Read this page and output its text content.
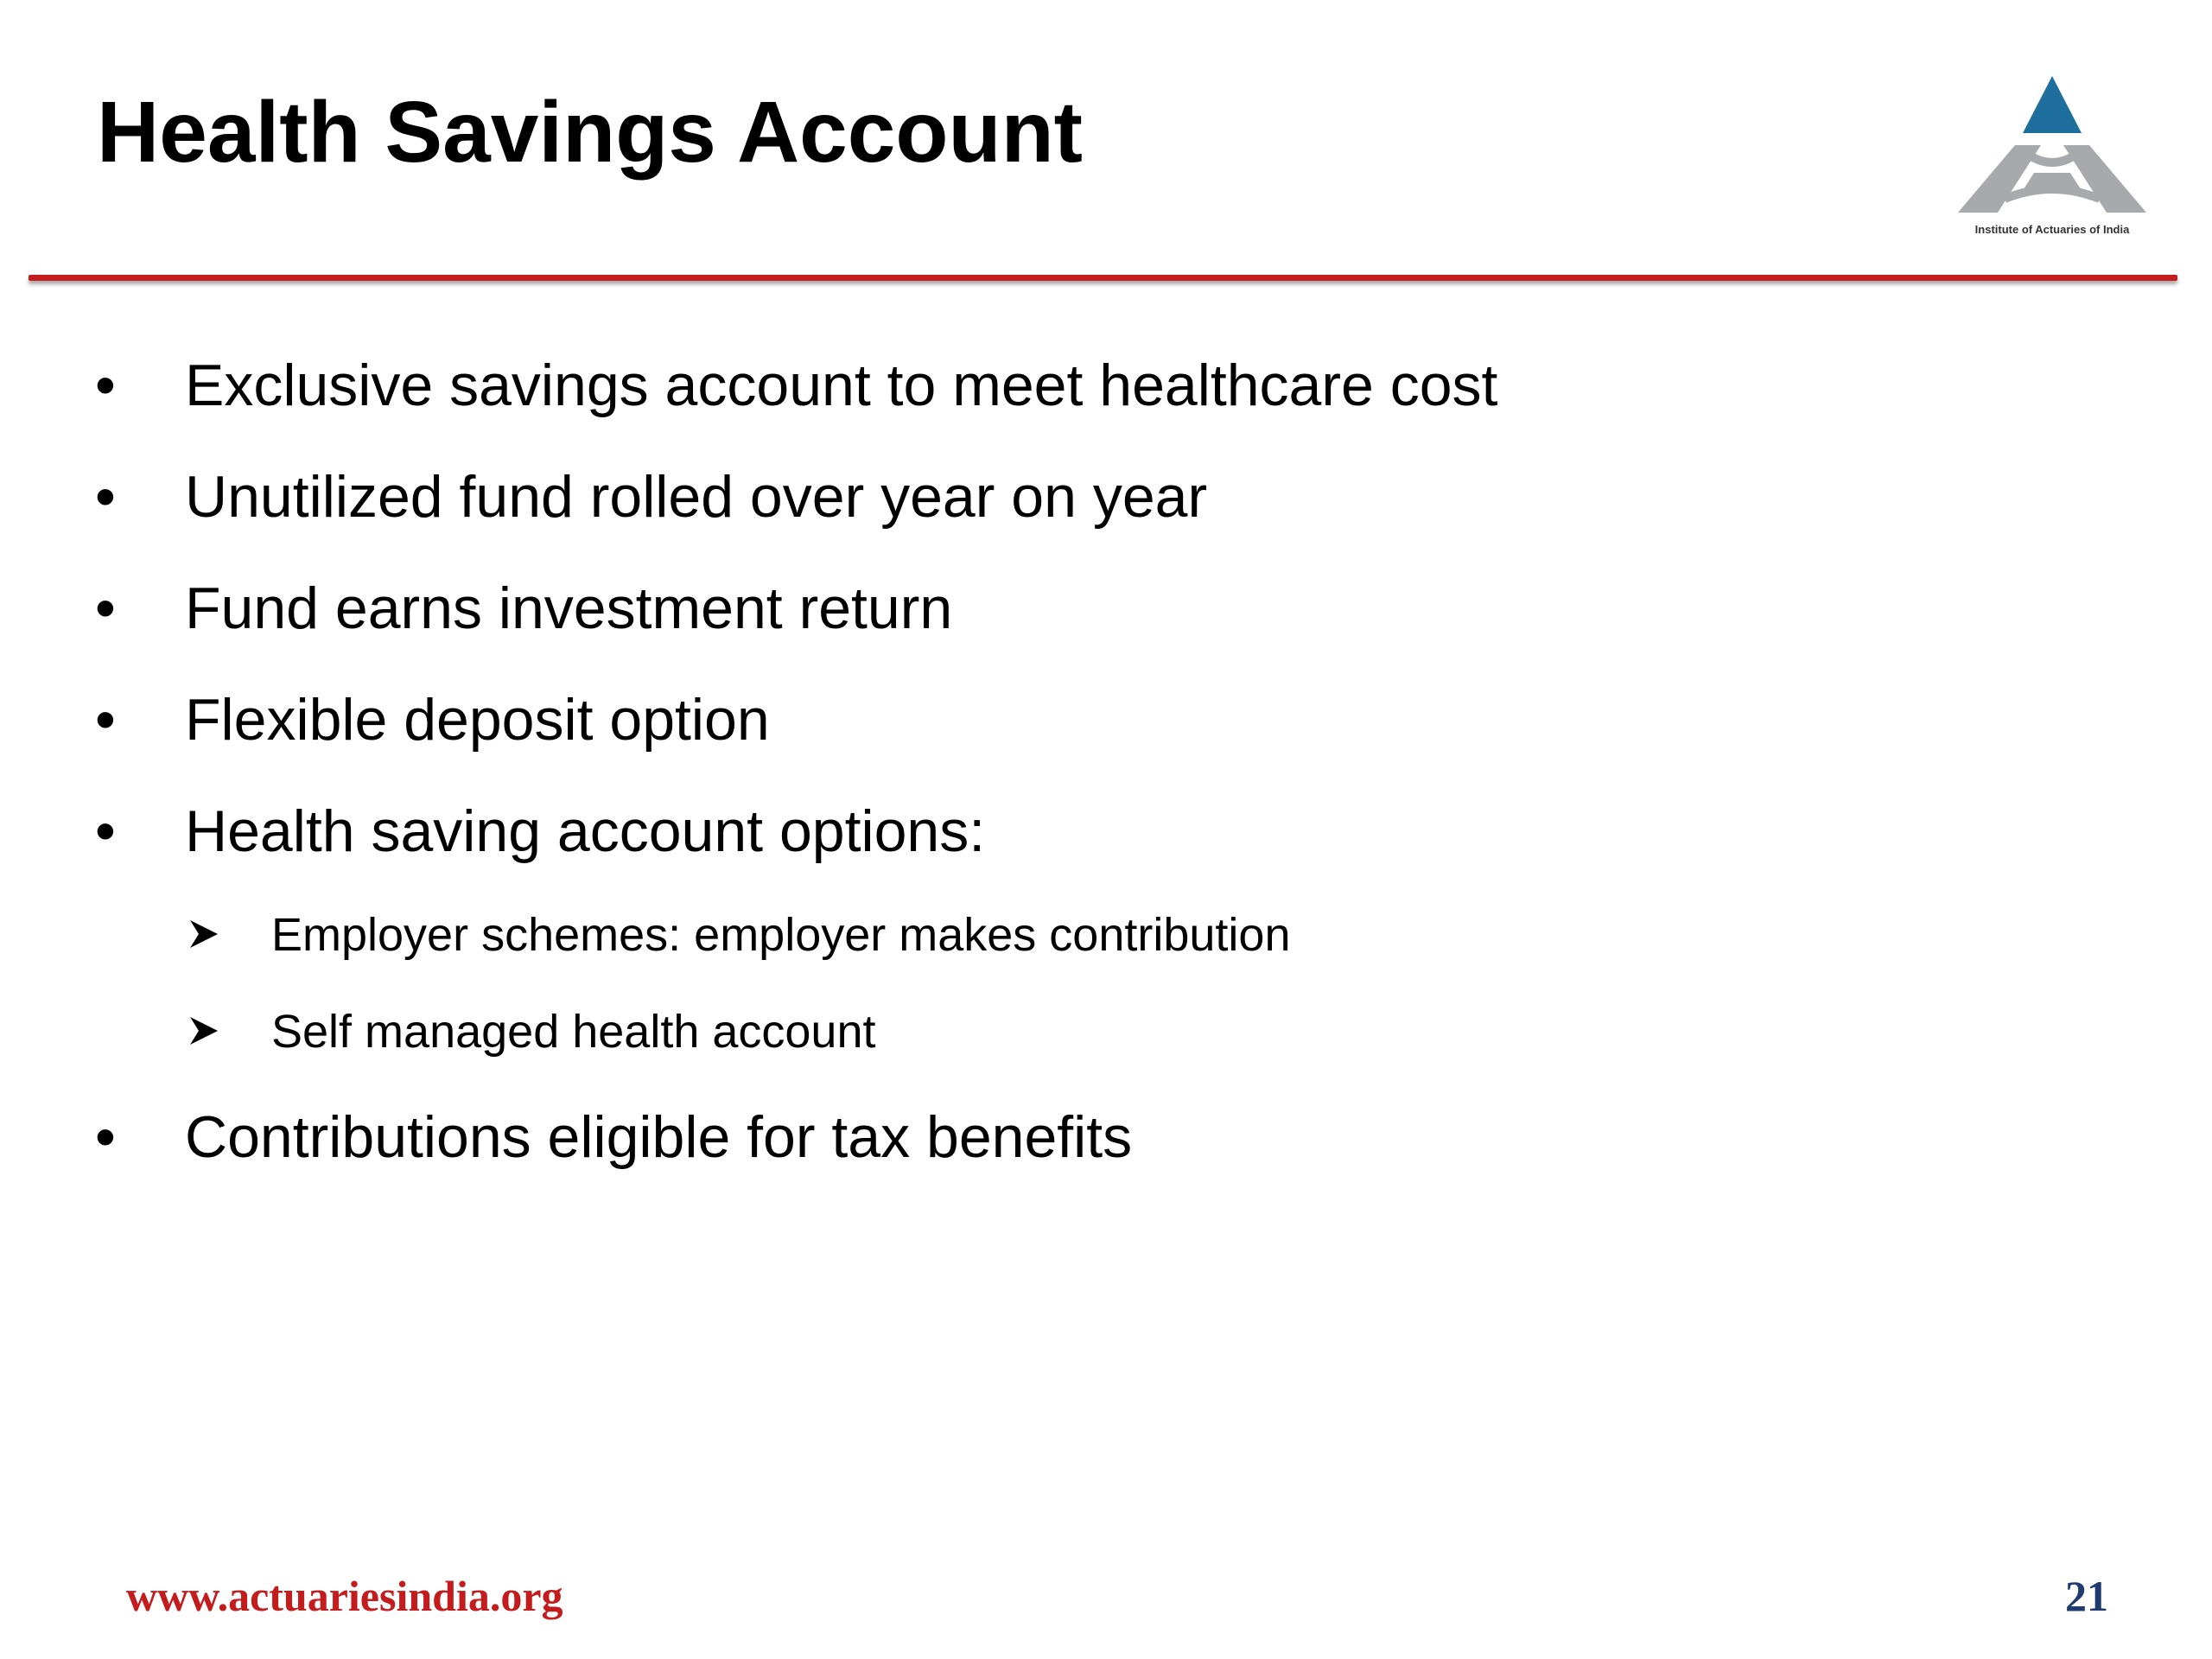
Health Savings Account
Institute of Actuaries of India
• Exclusive savings account to meet healthcare cost
• Unutilized fund rolled over year on year
• Fund earns investment return
• Flexible deposit option
• Health saving account options:
Employer schemes: employer makes contribution
Self managed health account
• Contributions eligible for tax benefits
www.actuariesindia.org	21
